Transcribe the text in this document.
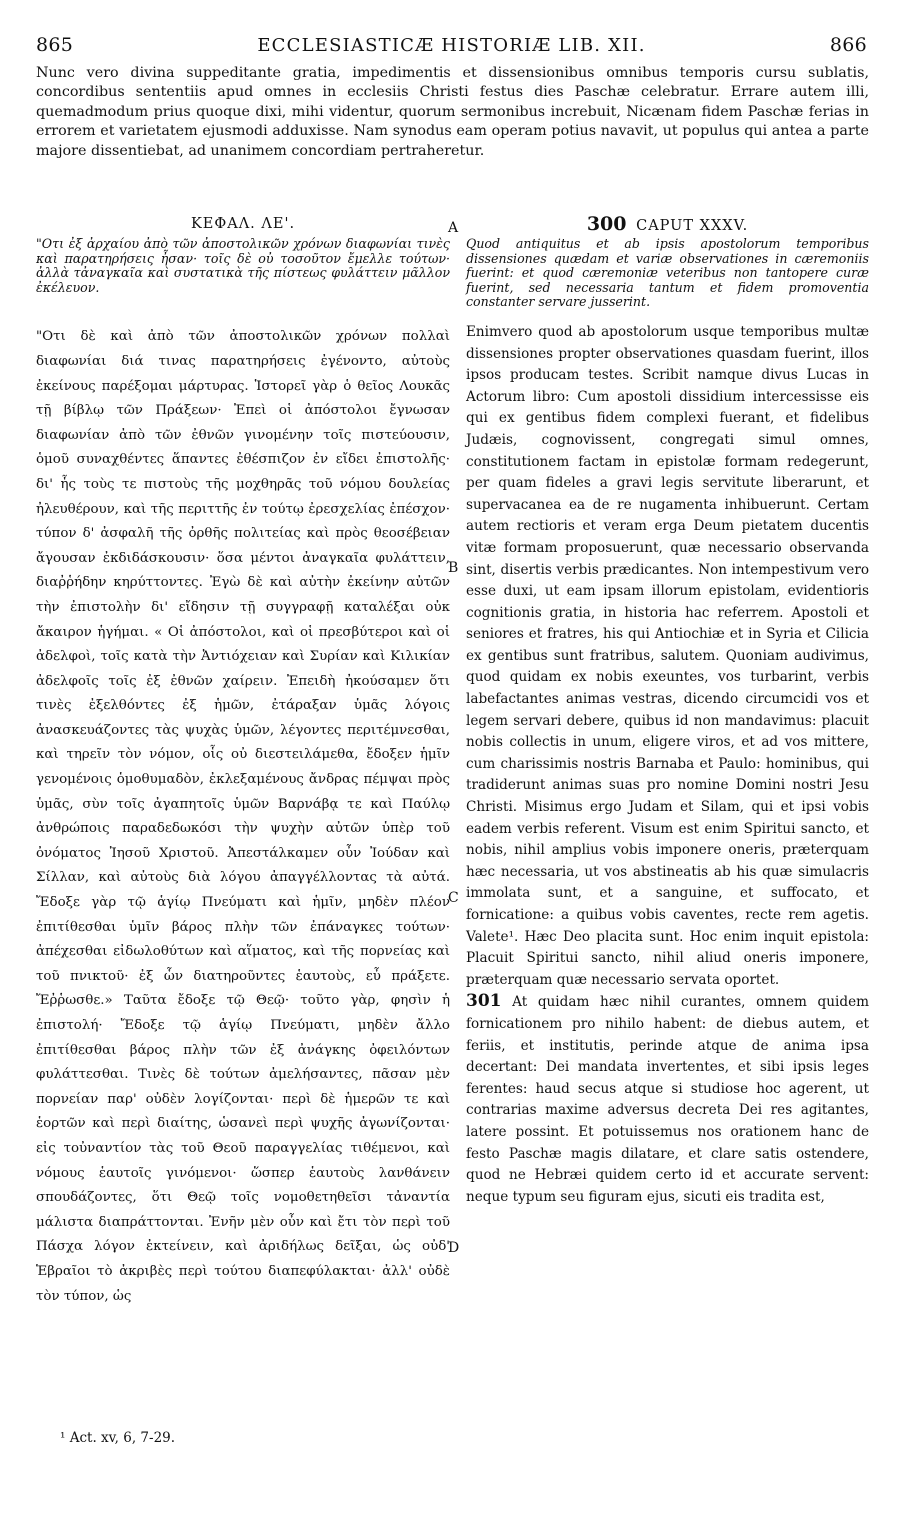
865	ECCLESIASTICÆ HISTORIÆ LIB. XII.	866
Nunc vero divina suppeditante gratia, impedimentis et dissensionibus omnibus temporis cursu sublatis, concordibus sententiis apud omnes in ecclesiis Christi festus dies Paschæ celebratur. Errare autem illi, quemadmodum prius quoque dixi, mihi videntur, quorum sermonibus increbuit, Nicænam fidem Paschæ ferias in errorem et varietatem ejusmodi adduxisse. Nam synodus eam operam potius navavit, ut populus qui antea a parte majore dissentiebat, ad unanimem concordiam pertraheretur.
ΚΕΦΑΛ. ΛΕ'.
"Οτι ἐξ ἀρχαίου ἀπὸ τῶν ἀποστολικῶν χρόνων διαφωνίαι τινὲς καὶ παρατηρήσεις ἦσαν· τοῖς δὲ οὐ τοσοῦτον ἔμελλε τούτων· ἀλλὰ τἀναγκαῖα καὶ συστατικὰ τῆς πίστεως φυλάττειν μᾶλλον ἐκέλευον.
"Οτι δὲ καὶ ἀπὸ τῶν ἀποστολικῶν χρόνων πολλαὶ διαφωνίαι διά τινας παρατηρήσεις ἐγένοντο, αὐτοὺς ἐκείνους παρέξομαι μάρτυρας. Ἱστορεῖ γὰρ ὁ θεῖος Λουκᾶς τῇ βίβλῳ τῶν Πράξεων· Ἐπεὶ οἱ ἀπόστολοι ἔγνωσαν διαφωνίαν ἀπὸ τῶν ἐθνῶν γινομένην τοῖς πιστεύουσιν, ὁμοῦ συναχθέντες ἅπαντες ἐθέσπιζον ἐν εἴδει ἐπιστολῆς· δι' ἧς τοὺς τε πιστοὺς τῆς μοχθηρᾶς τοῦ νόμου δουλείας ἠλευθέρουν, καὶ τῆς περιττῆς ἐν τούτῳ ἐρεσχελίας ἐπέσχον· τύπον δ' ἀσφαλῆ τῆς ὀρθῆς πολιτείας καὶ πρὸς θεοσέβειαν ἄγουσαν ἐκδιδάσκουσιν· ὅσα μέντοι ἀναγκαῖα φυλάττειν, διαῤῥήδην κηρύττοντες. Ἐγὼ δὲ καὶ αὐτὴν ἐκείνην αὐτῶν τὴν ἐπιστολὴν δι' εἴδησιν τῇ συγγραφῇ καταλέξαι οὐκ ἄκαιρον ἡγήμαι. « Οἱ ἀπόστολοι, καὶ οἱ πρεσβύτεροι καὶ οἱ ἀδελφοὶ, τοῖς κατὰ τὴν Ἀντιόχειαν καὶ Συρίαν καὶ Κιλικίαν ἀδελφοῖς τοῖς ἐξ ἐθνῶν χαίρειν. Ἐπειδὴ ἠκούσαμεν ὅτι τινὲς ἐξελθόντες ἐξ ἡμῶν, ἐτάραξαν ὑμᾶς λόγοις ἀνασκευάζοντες τὰς ψυχὰς ὑμῶν, λέγοντες περιτέμνεσθαι, καὶ τηρεῖν τὸν νόμον, οἷς οὐ διεστειλάμεθα, ἔδοξεν ἡμῖν γενομένοις ὁμοθυμαδὸν, ἐκλεξαμένους ἄνδρας πέμψαι πρὸς ὑμᾶς, σὺν τοῖς ἀγαπητοῖς ὑμῶν Βαρνάβᾳ τε καὶ Παύλῳ ἀνθρώποις παραδεδωκόσι τὴν ψυχὴν αὐτῶν ὑπὲρ τοῦ ὀνόματος Ἰησοῦ Χριστοῦ. Ἀπεστάλκαμεν οὖν Ἰούδαν καὶ Σίλλαν, καὶ αὐτοὺς διὰ λόγου ἀπαγγέλλοντας τὰ αὐτά. Ἔδοξε γὰρ τῷ ἁγίῳ Πνεύματι καὶ ἡμῖν, μηδὲν πλέον ἐπιτίθεσθαι ὑμῖν βάρος πλὴν τῶν ἐπάναγκες τούτων· ἀπέχεσθαι εἰδωλοθύτων καὶ αἵματος, καὶ τῆς πορνείας καὶ τοῦ πνικτοῦ· ἐξ ὧν διατηροῦντες ἑαυτοὺς, εὖ πράξετε. Ἔῤῥωσθε.» Ταῦτα ἔδοξε τῷ Θεῷ· τοῦτο γὰρ, φησὶν ἡ ἐπιστολή· Ἔδοξε τῷ ἁγίῳ Πνεύματι, μηδὲν ἄλλο ἐπιτίθεσθαι βάρος πλὴν τῶν ἐξ ἀνάγκης ὀφειλόντων φυλάττεσθαι. Τινὲς δὲ τούτων ἀμελήσαντες, πᾶσαν μὲν πορνείαν παρ' οὐδὲν λογίζονται· περὶ δὲ ἡμερῶν τε καὶ ἑορτῶν καὶ περὶ διαίτης, ὡσανεὶ περὶ ψυχῆς ἀγωνίζονται· εἰς τοὐναντίον τὰς τοῦ Θεοῦ παραγγελίας τιθέμενοι, καὶ νόμους ἑαυτοῖς γινόμενοι· ὥσπερ ἑαυτοὺς λανθάνειν σπουδάζοντες, ὅτι Θεῷ τοῖς νομοθετηθεῖσι τἀναντία μάλιστα διαπράττονται. Ἐνῆν μὲν οὖν καὶ ἔτι τὸν περὶ τοῦ Πάσχα λόγον ἐκτείνειν, καὶ ἀριδήλως δεῖξαι, ὡς οὐδ' Ἑβραῖοι τὸ ἀκριβὲς περὶ τούτου διαπεφύλακται· ἀλλ' οὐδὲ τὸν τύπον, ὡς
300 CAPUT XXXV.
Quod antiquitus et ab ipsis apostolorum temporibus dissensiones quædam et variæ observationes in cæremoniis fuerint: et quod cæremoniæ veteribus non tantopere curæ fuerint, sed necessaria tantum et fidem promoventia constanter servare jusserint.

Enimvero quod ab apostolorum usque temporibus multæ dissensiones propter observationes quasdam fuerint, illos ipsos producam testes. Scribit namque divus Lucas in Actorum libro: Cum apostoli dissidium intercessisse eis qui ex gentibus fidem complexi fuerant, et fidelibus Judæis, cognovissent, congregati simul omnes, constitutionem factam in epistolæ formam redegerunt, per quam fideles a gravi legis servitute liberarunt, et supervacanea ea de re nugamenta inhibuerunt. Certam autem rectioris et veram erga Deum pietatem ducentis vitæ formam proposuerunt, quæ necessario observanda sint, disertis verbis prædicantes. Non intempestivum vero esse duxi, ut eam ipsam illorum epistolam, evidentioris cognitionis gratia, in historia hac referrem. Apostoli et seniores et fratres, his qui Antiochiæ et in Syria et Cilicia ex gentibus sunt fratribus, salutem. Quoniam audivimus, quod quidam ex nobis exeuntes, vos turbarint, verbis labefactantes animas vestras, dicendo circumcidi vos et legem servari debere, quibus id non mandavimus: placuit nobis collectis in unum, eligere viros, et ad vos mittere, cum charissimis nostris Barnaba et Paulo: hominibus, qui tradiderunt animas suas pro nomine Domini nostri Jesu Christi. Misimus ergo Judam et Silam, qui et ipsi vobis eadem verbis referent. Visum est enim Spiritui sancto, et nobis, nihil amplius vobis imponere oneris, præterquam hæc necessaria, ut vos abstineatis ab his quæ simulacris immolata sunt, et a sanguine, et suffocato, et fornicatione: a quibus vobis caventes, recte rem agetis. Valete¹. Hæc Deo placita sunt. Hoc enim inquit epistola: Placuit Spiritui sancto, nihil aliud oneris imponere, præterquam quæ necessario servata oportet.

301 At quidam hæc nihil curantes, omnem quidem fornicationem pro nihilo habent: de diebus autem, et feriis, et institutis, perinde atque de anima ipsa decertant: Dei mandata invertentes, et sibi ipsis leges ferentes: haud secus atque si studiose hoc agerent, ut contrarias maxime adversus decreta Dei res agitantes, latere possint. Et potuissemus nos orationem hanc de festo Paschæ magis dilatare, et clare satis ostendere, quod ne Hebræi quidem certo id et accurate servent: neque typum seu figuram ejus, sicuti eis tradita est,

A
B
C
D
¹ Act. xv, 6, 7-29.
